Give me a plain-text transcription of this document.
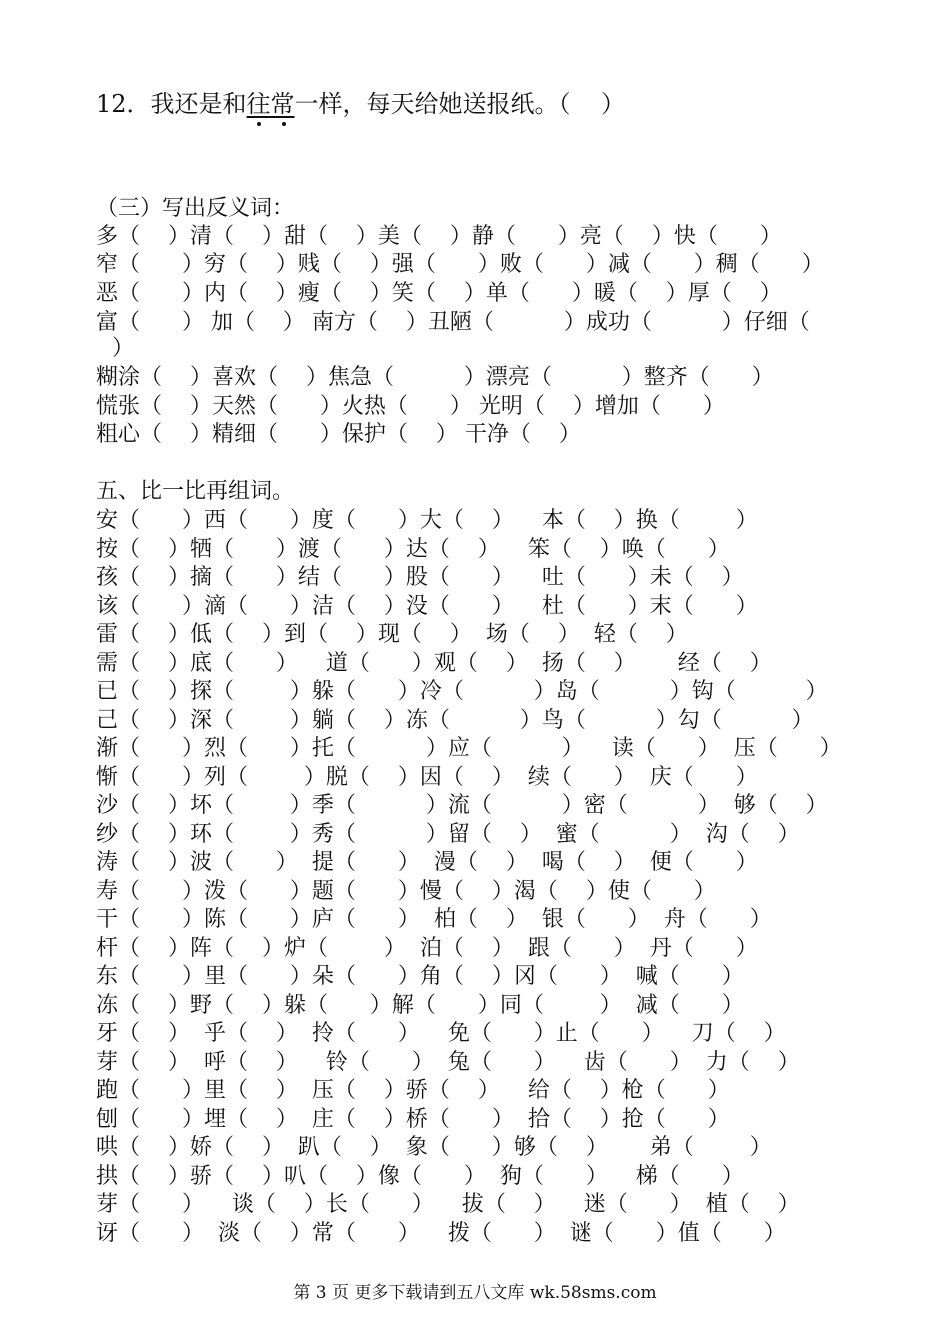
12．我还是和往常
一样，每天给她送报纸。（    ）
（三）写出反义词：
多（    ）清（    ）甜（    ）美（    ）静（      ）亮（    ）快（      ）
窄（      ）穷（    ）贱（    ）强（      ）败（      ）减（      ）稠（      ）
恶（      ）内（    ）瘦（    ）笑（    ）单（      ）暖（    ）厚（    ）
富（      ） 加（    ） 南方（    ）丑陋（          ）成功（          ）仔细（
）
糊涂（    ）喜欢（    ）焦急（          ）漂亮（          ）整齐（      ）
慌张（    ）天然（      ）火热（      ） 光明（    ）增加（      ）
粗心（    ）精细（      ）保护（    ） 干净（    ）
五、比一比再组词。
安（      ）西（      ）度（      ）大（    ）    本（    ）换（        ）
按（    ）牺（      ）渡（      ）达（    ）    笨（    ）唤（      ）
孩（    ）摘（      ）结（      ）股（      ）    吐（      ）未（    ）
该（      ）滴（      ）洁（    ）没（      ）    杜（      ）末（      ）
雷（    ）低（    ）到（    ）现（    ）  场（    ）  轻（    ）
需（    ）底（      ）    道（      ）观（    ）  扬（    ）      经（    ）
已（    ）探（        ）躲（      ）冷（          ）岛（          ）钩（          ）
己（    ）深（        ）躺（    ）冻（          ）鸟（          ）勾（          ）
渐（      ）烈（      ）托（          ）应（          ）    读（      ）  压（      ）
惭（      ）列（        ）脱（    ）因（    ）  续（      ）  庆（      ）
沙（    ）坏（        ）季（          ）流（          ）密（          ）  够（    ）
纱（    ）环（        ）秀（          ）留（    ）  蜜（          ）  沟（    ）
涛（    ）波（      ）  提（      ）  漫（    ）  喝（    ）  便（      ）
寿（      ）泼（      ）题（      ）慢（    ）渴（    ）使（      ）
干（      ）陈（      ）庐（      ）  柏（    ）  银（      ）  舟（      ）
杆（    ）阵（    ）炉（        ）  泊（    ）  跟（      ）  丹（      ）
东（      ）里（      ）朵（      ）角（    ）冈（      ）  喊（      ）
冻（    ）野（    ）躲（      ）解（      ）同（        ）  减（      ）
牙（    ）  乎（    ）  拎（      ）    免（      ）止（      ）    刀（    ）
芽（    ）  呼（    ）    铃（      ）  兔（      ）    齿（      ）  力（    ）
跑（      ）里（    ）  压（    ）骄（    ）    给（    ）枪（      ）
刨（      ）埋（    ）  庄（    ）桥（      ）  拾（    ）抢（      ）
哄（    ）娇（    ）  趴（    ）  象（      ）够（    ）      弟（        ）
拱（    ）骄（    ）叭（    ）像（      ）  狗（      ）    梯（      ）
芽（      ）    谈（    ）长（      ）    拔（    ）    迷（      ）  植（    ）
讶（      ）  淡（    ）常（      ）    拨（      ）  谜（      ）值（      ）
第 3 页 更多下载请到五八文库 wk.58sms.com
